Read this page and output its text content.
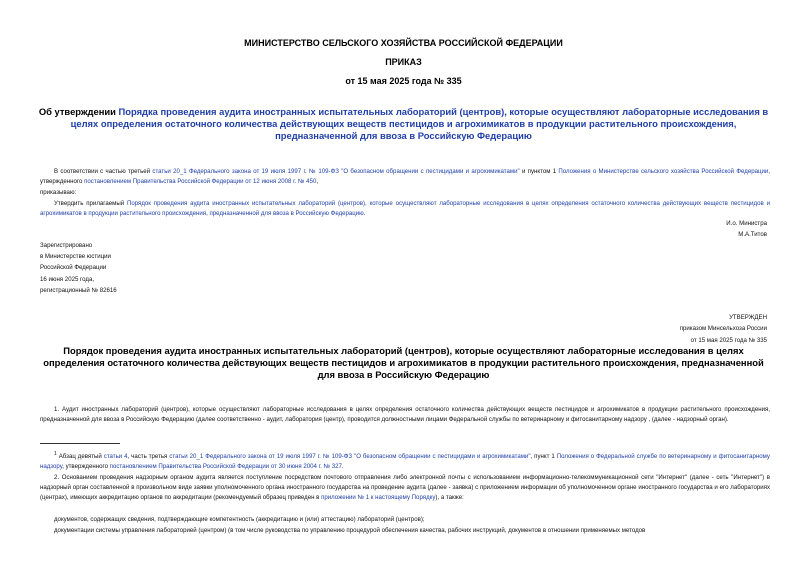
МИНИСТЕРСТВО СЕЛЬСКОГО ХОЗЯЙСТВА РОССИЙСКОЙ ФЕДЕРАЦИИ
ПРИКАЗ
от 15 мая 2025 года № 335
Об утверждении Порядка проведения аудита иностранных испытательных лабораторий (центров), которые осуществляют лабораторные исследования в целях определения остаточного количества действующих веществ пестицидов и агрохимикатов в продукции растительного происхождения, предназначенной для ввоза в Российскую Федерацию
В соответствии с частью третьей статьи 20_1 Федерального закона от 19 июля 1997 г. № 109-ФЗ "О безопасном обращении с пестицидами и агрохимикатами" и пунктом 1 Положения о Министерстве сельского хозяйства Российской Федерации, утвержденного постановлением Правительства Российской Федерации от 12 июня 2008 г. № 450,
приказываю:
Утвердить прилагаемый Порядок проведения аудита иностранных испытательных лабораторий (центров), которые осуществляют лабораторные исследования в целях определения остаточного количества действующих веществ пестицидов и агрохимикатов в продукции растительного происхождения, предназначенной для ввоза в Российскую Федерацию.
И.о. Министра
М.А.Титов
Зарегистрировано
в Министерстве юстиции
Российской Федерации
16 июня 2025 года,
регистрационный № 82616
УТВЕРЖДЕН
приказом Минсельхоза России
от 15 мая 2025 года № 335
Порядок проведения аудита иностранных испытательных лабораторий (центров), которые осуществляют лабораторные исследования в целях определения остаточного количества действующих веществ пестицидов и агрохимикатов в продукции растительного происхождения, предназначенной для ввоза в Российскую Федерацию
1. Аудит иностранных лабораторий (центров), которые осуществляют лабораторные исследования в целях определения остаточного количества действующих веществ пестицидов и агрохимикатов в продукции растительного происхождения, предназначенной для ввоза в Российскую Федерацию (далее соответственно - аудит, лаборатория (центр), проводится должностными лицами Федеральной службы по ветеринарному и фитосанитарному надзору , (далее - надзорный орган).
$^1$ Абзац девятый статьи 4, часть третья статьи 20_1 Федерального закона от 19 июля 1997 г. № 109-ФЗ "О безопасном обращении с пестицидами и агрохимикатами", пункт 1 Положения о Федеральной службе по ветеринарному и фитосанитарному надзору, утвержденного постановлением Правительства Российской Федерации от 30 июня 2004 г. № 327.
2. Основанием проведения надзорным органом аудита является поступление посредством почтового отправления либо электронной почты с использованием информационно-телекоммуникационной сети "Интернет" (далее - сеть "Интернет") в надзорный орган составленной в произвольном виде заявки уполномоченного органа иностранного государства на проведение аудита (далее - заявка) с приложением информации об уполномоченном органе иностранного государства и его лабораториях (центрах), имеющих аккредитацию органов по аккредитации (рекомендуемый образец приведен в приложении № 1 к настоящему Порядку), а также:
документов, содержащих сведения, подтверждающие компетентность (аккредитацию и (или) аттестацию) лабораторий (центров);
документации системы управления лабораторией (центром) (в том числе руководства по управлению процедурой обеспечения качества, рабочих инструкций, документов в отношении применяемых методов
